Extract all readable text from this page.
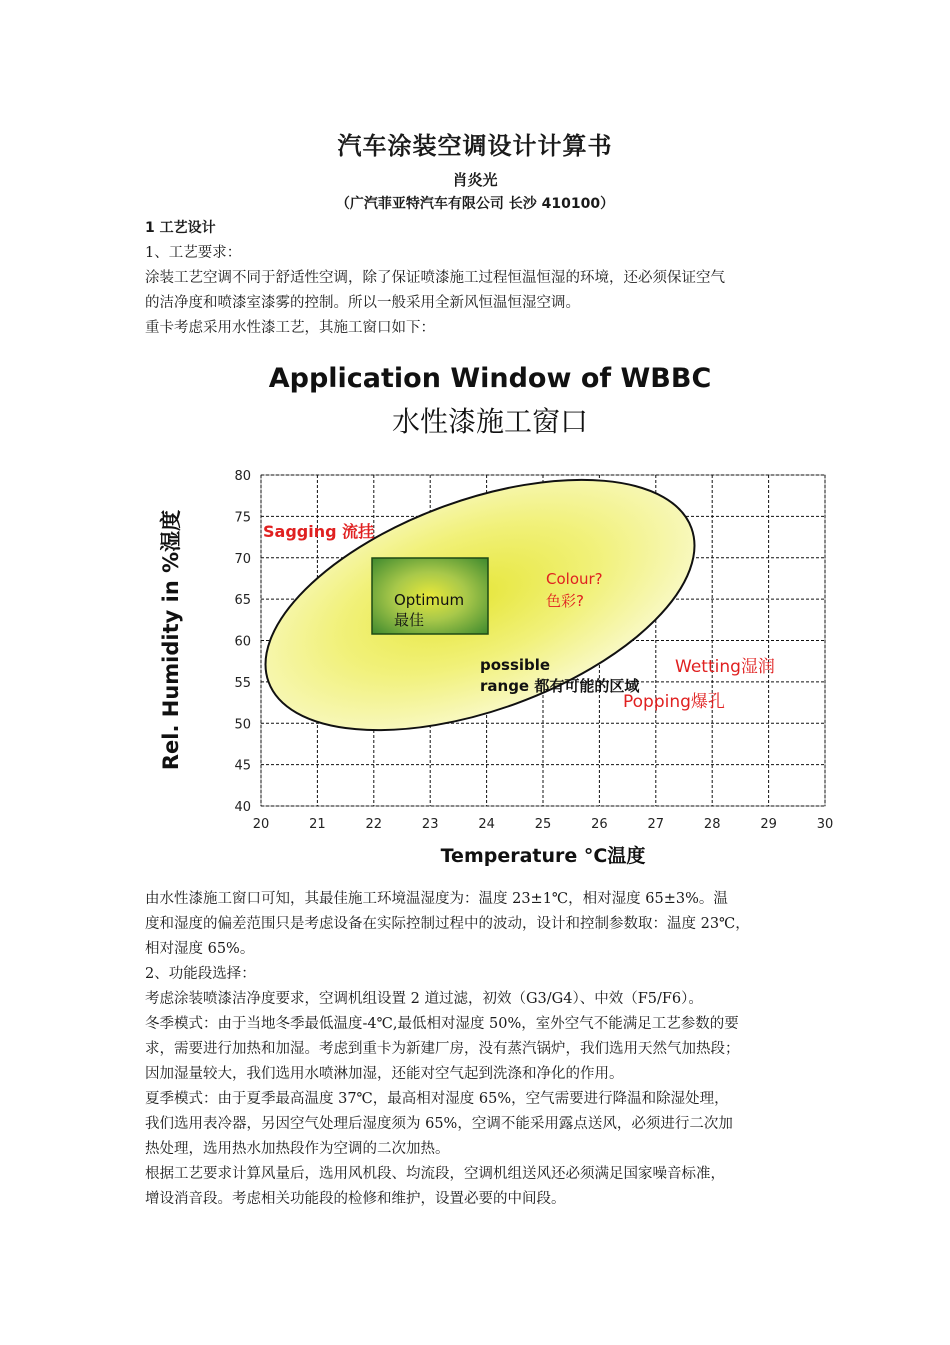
汽车涂装空调设计计算书
肖炎光
（广汽菲亚特汽车有限公司 长沙 410100）
1 工艺设计
1、工艺要求：
涂装工艺空调不同于舒适性空调，除了保证喷漆施工过程恒温恒湿的环境，还必须保证空气
的洁净度和喷漆室漆雾的控制。所以一般采用全新风恒温恒湿空调。
重卡考虑采用水性漆工艺，其施工窗口如下：
Application Window of WBBC
水性漆施工窗口
Optimum
最佳
Sagging 流挂
Colour?
色彩?
possible
range 都有可能的区域
Wetting湿润
Popping爆孔
20	21	22	23	24	25	26	27	28	29	30
40
45
50
55
60
65
70
75
80
Temperature °C温度
Rel. Humidity in %湿度
由水性漆施工窗口可知，其最佳施工环境温湿度为：温度 23±1℃，相对湿度 65±3%。温
度和湿度的偏差范围只是考虑设备在实际控制过程中的波动，设计和控制参数取：温度 23℃，
相对湿度 65%。
2、功能段选择：
考虑涂装喷漆洁净度要求，空调机组设置 2 道过滤，初效（G3/G4）、中效（F5/F6）。
冬季模式：由于当地冬季最低温度-4℃,最低相对湿度 50%，室外空气不能满足工艺参数的要
求，需要进行加热和加湿。考虑到重卡为新建厂房，没有蒸汽锅炉，我们选用天然气加热段；
因加湿量较大，我们选用水喷淋加湿，还能对空气起到洗涤和净化的作用。
夏季模式：由于夏季最高温度 37℃，最高相对湿度 65%，空气需要进行降温和除湿处理，
我们选用表冷器，另因空气处理后湿度须为 65%，空调不能采用露点送风，必须进行二次加
热处理，选用热水加热段作为空调的二次加热。
根据工艺要求计算风量后，选用风机段、均流段，空调机组送风还必须满足国家噪音标准，
增设消音段。考虑相关功能段的检修和维护，设置必要的中间段。
